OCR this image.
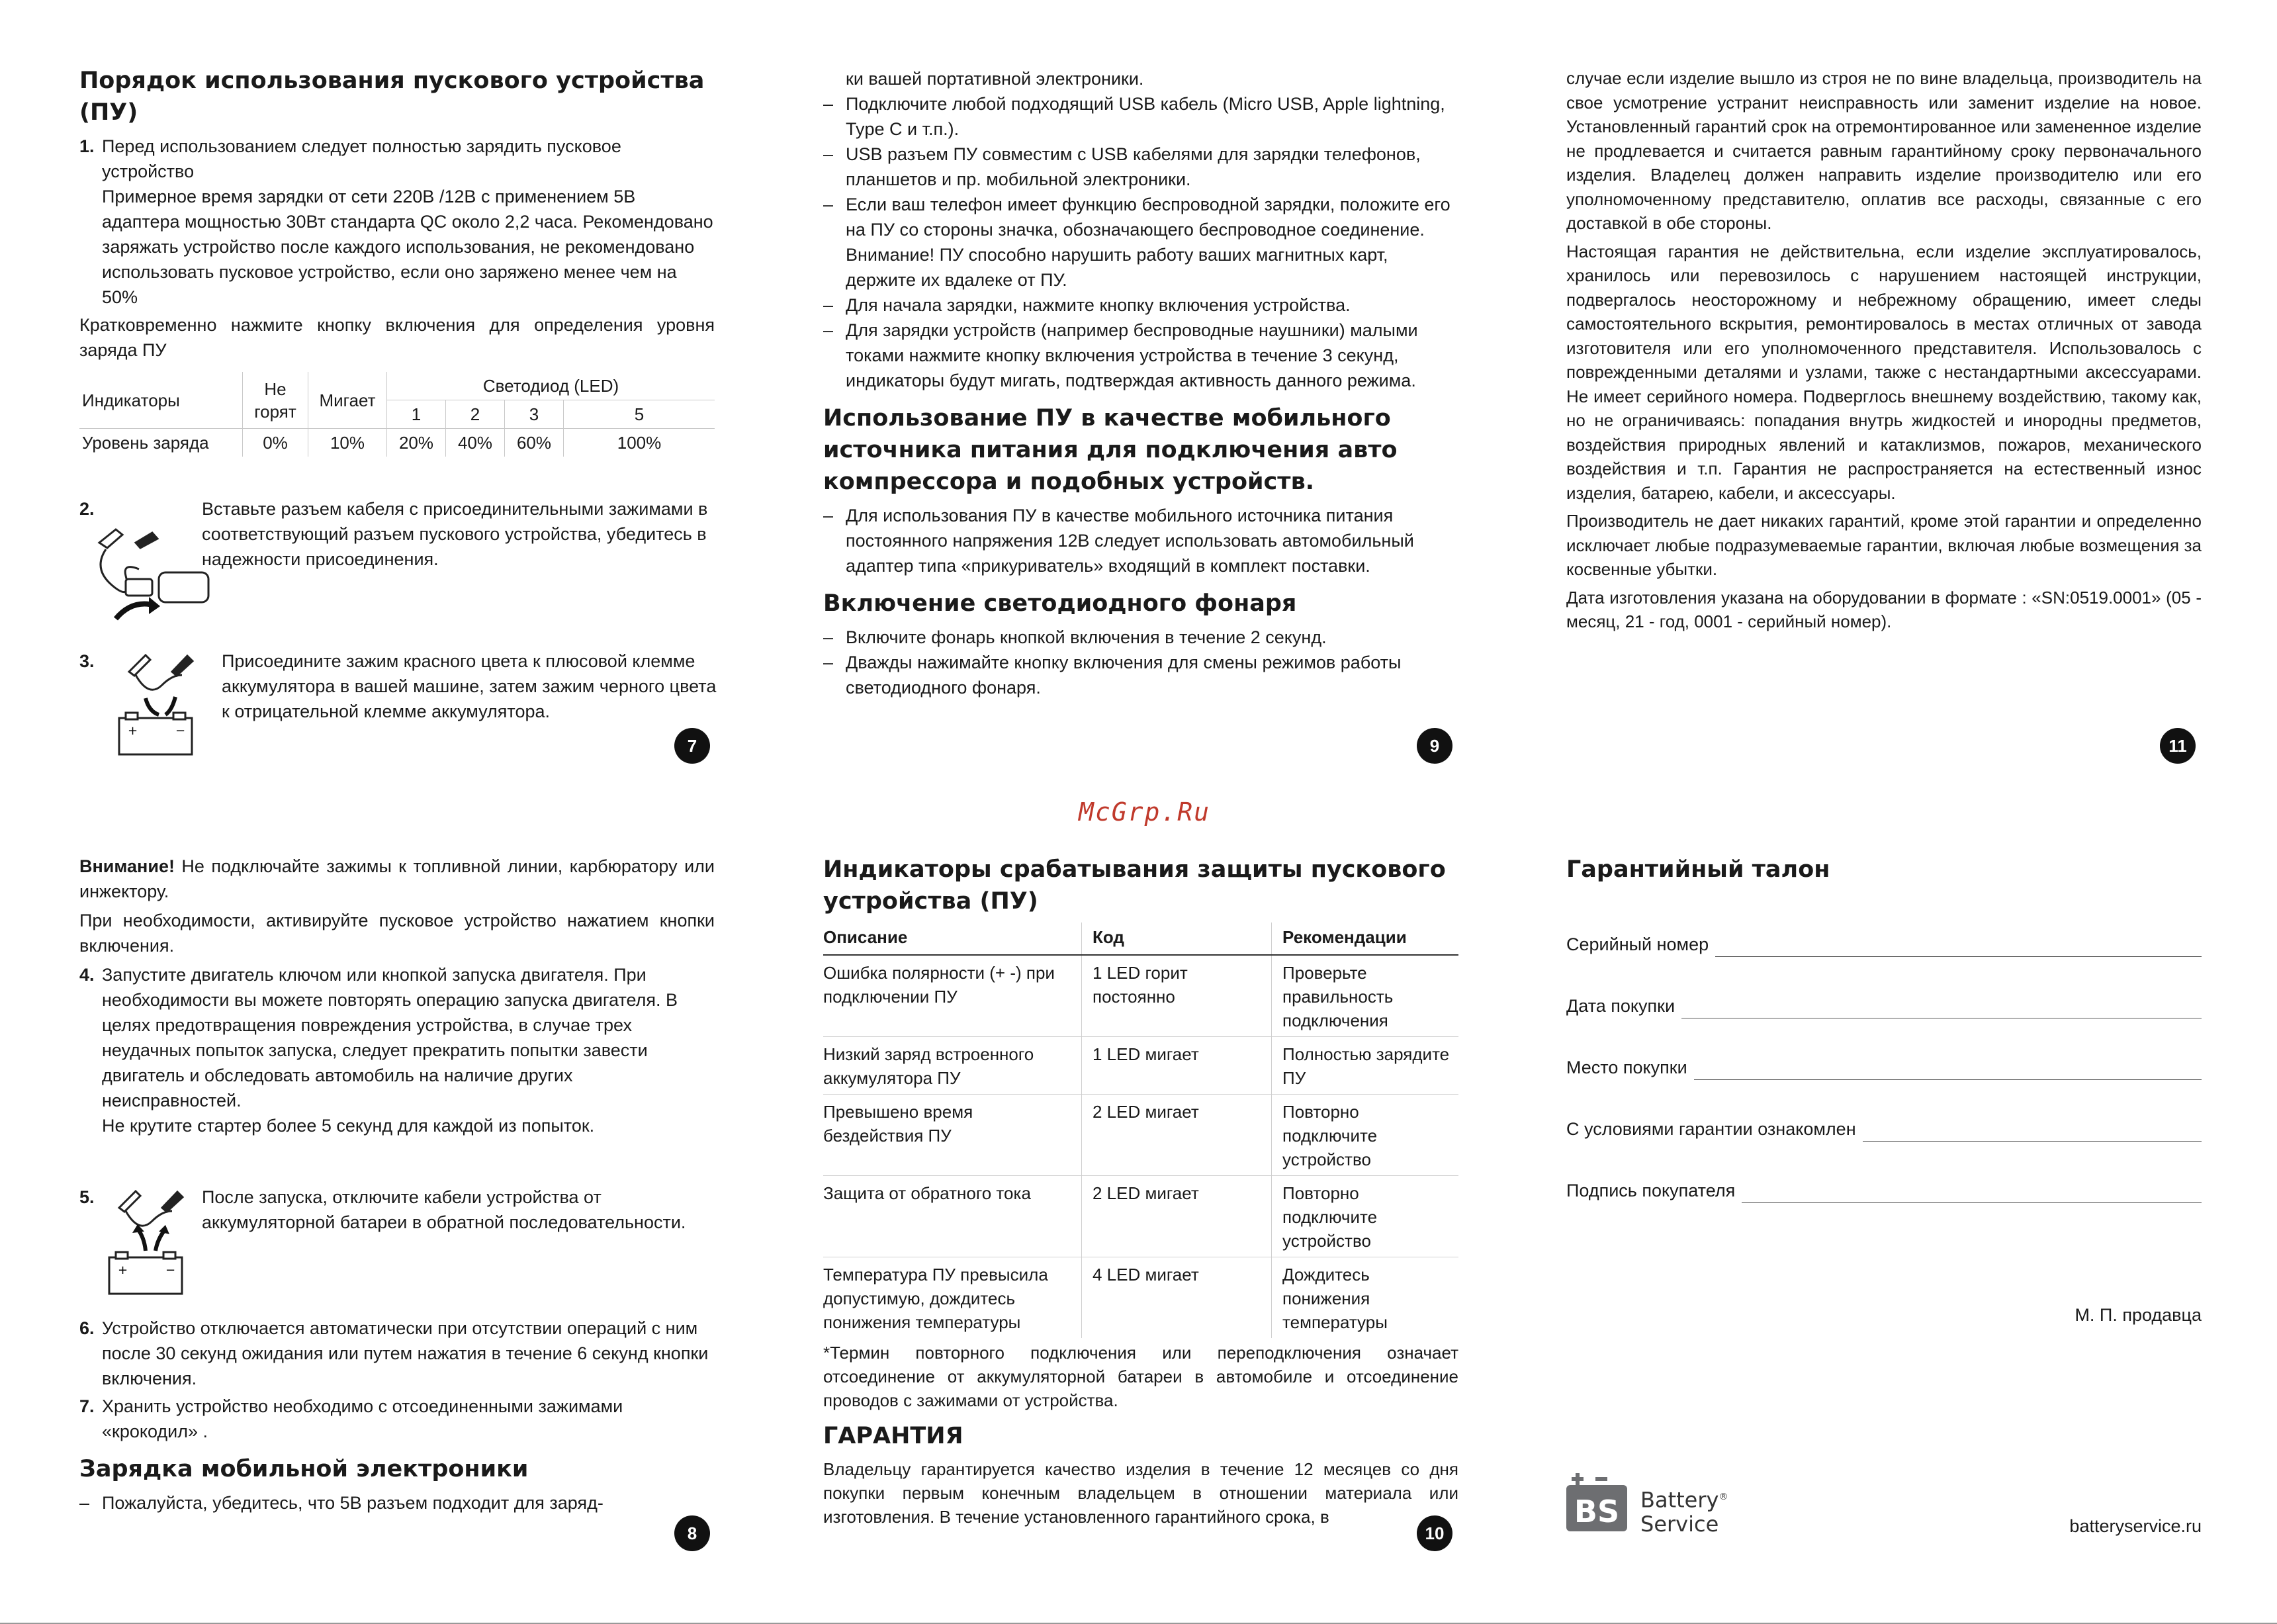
Порядок использования пускового устройства (ПУ)
1. Перед использованием следует полностью зарядить пусковое устройство
Примерное время зарядки от сети 220В /12В с применением 5В адаптера мощностью 30Вт стандарта QC около 2,2 часа. Рекомендовано заряжать устройство после каждого использования, не рекомендовано использовать пусковое устройство, если оно заряжено менее чем на 50%

Кратковременно нажмите кнопку включения для определения уровня заряда ПУ

Индикаторы	Не горят	Мигает	Светодиод (LED)			
			1	2	3	5
Уровень заряда	0%	10%	20%	40%	60%	100%
2.	Вставьте разъем кабеля с присоединительными зажимами в соответствующий разъем пускового устройства, убедитесь в надежности присоединения.
3.	Присоедините зажим красного цвета к плюсовой клемме аккумулятора в вашей машине, затем зажим черного цвета к отрицательной клемме аккумулятора.
+	−
7
ки вашей портативной электроники.
– Подключите любой подходящий USB кабель (Micro USB, Apple lightning, Type C и т.п.).
– USB разъем ПУ совместим с USB кабелями для зарядки телефонов, планшетов и пр. мобильной электроники.
– Если ваш телефон имеет функцию беспроводной зарядки, положите его на ПУ со стороны значка, обозначающего беспроводное соединение. Внимание! ПУ способно нарушить работу ваших магнитных карт, держите их вдалеке от ПУ.
– Для начала зарядки, нажмите кнопку включения устройства.
– Для зарядки устройств (например беспроводные наушники) малыми токами нажмите кнопку включения устройства в течение 3 секунд, индикаторы будут мигать, подтверждая активность данного режима.
Использование ПУ в качестве мобильного источника питания для подключения авто компрессора и подобных устройств.
– Для использования ПУ в качестве мобильного источника питания постоянного напряжения 12В следует использовать автомобильный адаптер типа «прикуриватель» входящий в комплект поставки.
Включение светодиодного фонаря
– Включите фонарь кнопкой включения в течение 2 секунд.
– Дважды нажимайте кнопку включения для смены режимов работы светодиодного фонаря.
9

случае если изделие вышло из строя не по вине владельца, производитель на свое усмотрение устранит неисправность или заменит изделие на новое. Установленный гарантий срок на отремонтированное или замененное изделие не продлевается и считается равным гарантийному сроку первоначального изделия. Владелец должен направить изделие производителю или его уполномоченному представителю, оплатив все расходы, связанные с его доставкой в обе стороны.

Настоящая гарантия не действительна, если изделие эксплуатировалось, хранилось или перевозилось с нарушением настоящей инструкции, подвергалось неосторожному и небрежному обращению, имеет следы самостоятельного вскрытия, ремонтировалось в местах отличных от завода изготовителя или его уполномоченного представителя. Использовалось с поврежденными деталями и узлами, также с нестандартными аксессуарами. Не имеет серийного номера. Подверглось внешнему воздействию, такому как, но не ограничиваясь: попадания внутрь жидкостей и инородны предметов, воздействия природных явлений и катаклизмов, пожаров, механического воздействия и т.п. Гарантия не распространяется на естественный износ изделия, батарею, кабели, и аксессуары.

Производитель не дает никаких гарантий, кроме этой гарантии и определенно исключает любые подразумеваемые гарантии, включая любые возмещения за косвенные убытки.

Дата изготовления указана на оборудовании в формате : «SN:0519.0001» (05 - месяц, 21 - год, 0001 - серийный номер).

11
McGrp.Ru

Внимание! Не подключайте зажимы к топливной линии, карбюратору или инжектору.

При необходимости, активируйте пусковое устройство нажатием кнопки включения.

4. Запустите двигатель ключом или кнопкой запуска двигателя. При необходимости вы можете повторять операцию запуска двигателя. В целях предотвращения повреждения устройства, в случае трех неудачных попыток запуска, следует прекратить попытки завести двигатель и обследовать автомобиль на наличие других неисправностей.
Не крутите стартер более 5 секунд для каждой из попыток.
5.	После запуска, отключите кабели устройства от аккумуляторной батареи в обратной последовательности.
+	−
6. Устройство отключается автоматически при отсутствии операций с ним после 30 секунд ожидания или путем нажатия в течение 6 секунд кнопки включения.
7. Хранить устройство необходимо с отсоединенными зажимами «крокодил» .
Зарядка мобильной электроники
– Пожалуйста, убедитесь, что 5В разъем подходит для заряд-
8
Индикаторы срабатывания защиты пускового устройства (ПУ)
Описание	Код	Рекомендации
Ошибка полярности (+ -) при подключении ПУ	1 LED горит постоянно	Проверьте правильность подключения
Низкий заряд встроенного аккумулятора ПУ	1 LED мигает	Полностью зарядите ПУ
Превышено время бездействия ПУ	2 LED мигает	Повторно подключите устройство
Защита от обратного тока	2 LED мигает	Повторно подключите устройство
Температура ПУ превысила допустимую, дождитесь понижения температуры	4 LED мигает	Дождитесь понижения температуры

*Термин повторного подключения или переподключения означает отсоединение от аккумуляторной батареи в автомобиле и отсоединение проводов с зажимами от устройства.

ГАРАНТИЯ

Владельцу гарантируется качество изделия в течение 12 месяцев со дня покупки первым конечным владельцем в отношении материала или изготовления. В течение установленного гарантийного срока, в

10
Гарантийный талон
Серийный номер
Дата покупки
Место покупки
С условиями гарантии ознакомлен
Подпись покупателя
М. П. продавца
BS Battery®
Service	batteryservice.ru
